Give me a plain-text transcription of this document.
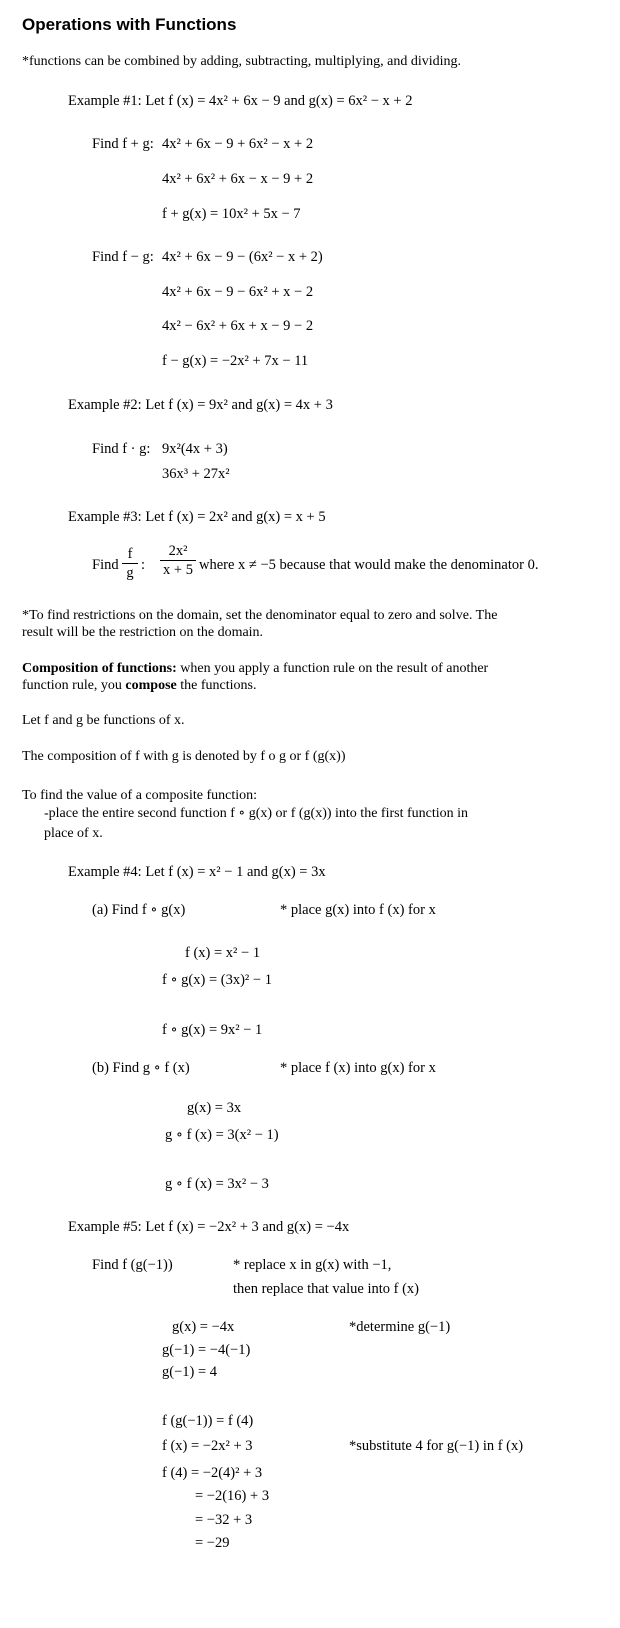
Operations with Functions
*functions can be combined by adding, subtracting, multiplying, and dividing.
Example #1: Let f (x) = 4x² + 6x − 9 and g(x) = 6x² − x + 2
Find f + g: 4x² + 6x − 9 + 6x² − x + 2
4x² + 6x² + 6x − x − 9 + 2
f + g(x) = 10x² + 5x − 7
Find f − g: 4x² + 6x − 9 − (6x² − x + 2)
4x² + 6x − 9 − 6x² + x − 2
4x² − 6x² + 6x + x − 9 − 2
f − g(x) = −2x² + 7x − 11
Example #2: Let f (x) = 9x² and g(x) = 4x + 3
Find f · g: 9x²(4x + 3)
36x³ + 27x²
Example #3: Let f (x) = 2x² and g(x) = x + 5
Find
f
g :
2x²
x + 5 where x ≠ −5 because that would make the denominator 0.
*To find restrictions on the domain, set the denominator equal to zero and solve. The
result will be the restriction on the domain.
Composition of functions: when you apply a function rule on the result of another
function rule, you compose the functions.
Let f and g be functions of x.
The composition of f with g is denoted by f o g or f (g(x))
To find the value of a composite function:
-place the entire second function f ∘ g(x) or f (g(x)) into the first function in
place of x.
Example #4: Let f (x) = x² − 1 and g(x) = 3x
(a) Find f ∘ g(x)	* place g(x) into f (x) for x
f (x) = x² − 1
f ∘ g(x) = (3x)² − 1
f ∘ g(x) = 9x² − 1
(b) Find g ∘ f (x)	* place f (x) into g(x) for x
g(x) = 3x
g ∘ f (x) = 3(x² − 1)
g ∘ f (x) = 3x² − 3
Example #5: Let f (x) = −2x² + 3 and g(x) = −4x
Find f (g(−1))	* replace x in g(x) with −1,
then replace that value into f (x)
g(x) = −4x	*determine g(−1)
g(−1) = −4(−1)
g(−1) = 4
f (g(−1)) = f (4)
f (x) = −2x² + 3	*substitute 4 for g(−1) in f (x)
f (4) = −2(4)² + 3
= −2(16) + 3
= −32 + 3
= −29
